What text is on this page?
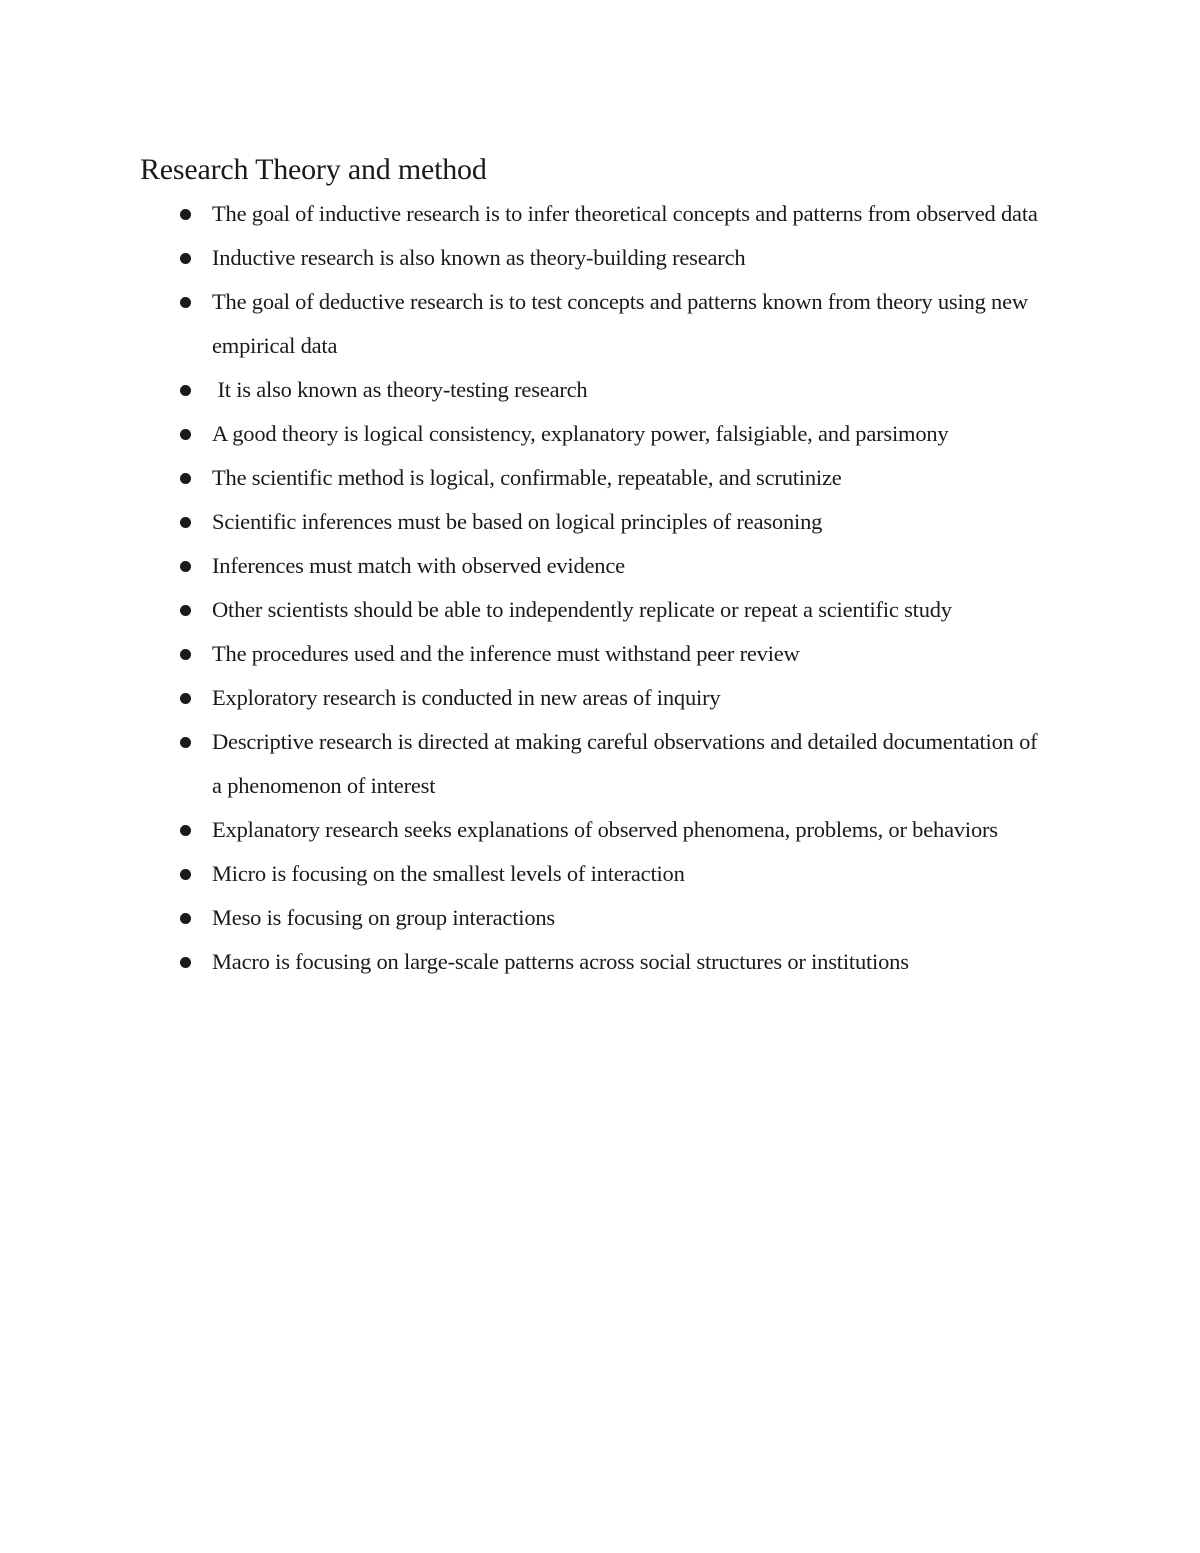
Research Theory and method
The goal of inductive research is to infer theoretical concepts and patterns from observed data
Inductive research is also known as theory-building research
The goal of deductive research is to test concepts and patterns known from theory using new empirical data
It is also known as theory-testing research
A good theory is logical consistency, explanatory power, falsigiable, and parsimony
The scientific method is logical, confirmable, repeatable, and scrutinize
Scientific inferences must be based on logical principles of reasoning
Inferences must match with observed evidence
Other scientists should be able to independently replicate or repeat a scientific study
The procedures used and the inference must withstand peer review
Exploratory research is conducted in new areas of inquiry
Descriptive research is directed at making careful observations and detailed documentation of a phenomenon of interest
Explanatory research seeks explanations of observed phenomena, problems, or behaviors
Micro is focusing on the smallest levels of interaction
Meso is focusing on group interactions
Macro is focusing on large-scale patterns across social structures or institutions
